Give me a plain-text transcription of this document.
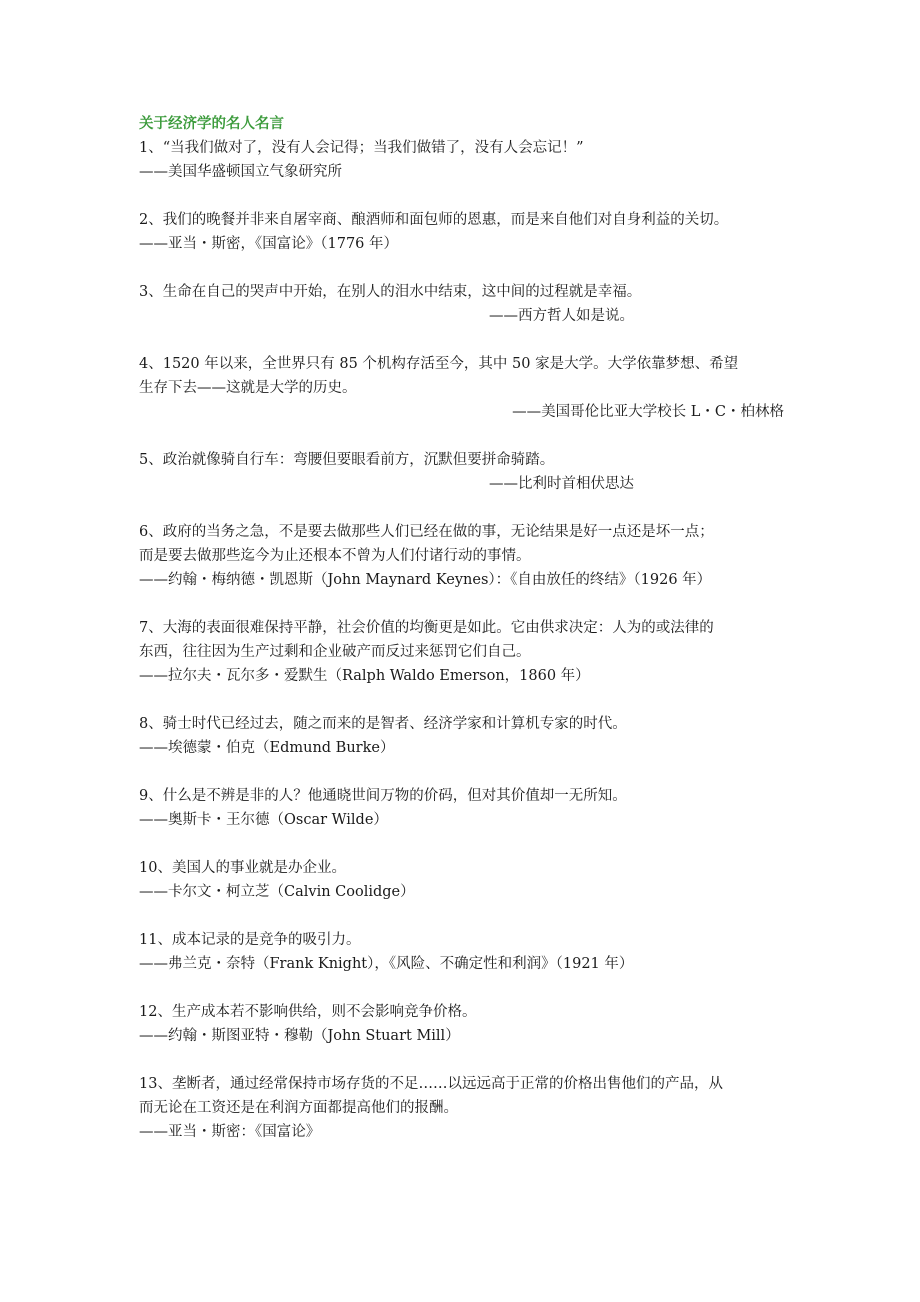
关于经济学的名人名言
1、“当我们做对了，没有人会记得；当我们做错了，没有人会忘记！”
——美国华盛顿国立气象研究所
2、我们的晚餐并非来自屠宰商、酿酒师和面包师的恩惠，而是来自他们对自身利益的关切。
——亚当・斯密，《国富论》（1776 年）
3、生命在自己的哭声中开始，在别人的泪水中结束，这中间的过程就是幸福。
——西方哲人如是说。
4、1520 年以来，全世界只有 85 个机构存活至今，其中 50 家是大学。大学依靠梦想、希望
生存下去——这就是大学的历史。
——美国哥伦比亚大学校长 L・C・柏林格
5、政治就像骑自行车：弯腰但要眼看前方，沉默但要拼命骑踏。
——比利时首相伏思达
6、政府的当务之急，不是要去做那些人们已经在做的事，无论结果是好一点还是坏一点；
而是要去做那些迄今为止还根本不曾为人们付诸行动的事情。
——约翰・梅纳德・凯恩斯（John Maynard Keynes）：《自由放任的终结》（1926 年）
7、大海的表面很难保持平静，社会价值的均衡更是如此。它由供求决定：人为的或法律的
东西，往往因为生产过剩和企业破产而反过来惩罚它们自己。
——拉尔夫・瓦尔多・爱默生（Ralph Waldo Emerson，1860 年）
8、骑士时代已经过去，随之而来的是智者、经济学家和计算机专家的时代。
——埃德蒙・伯克（Edmund Burke）
9、什么是不辨是非的人？他通晓世间万物的价码，但对其价值却一无所知。
——奥斯卡・王尔德（Oscar Wilde）
10、美国人的事业就是办企业。
——卡尔文・柯立芝（Calvin Coolidge）
11、成本记录的是竞争的吸引力。
——弗兰克・奈特（Frank Knight），《风险、不确定性和利润》（1921 年）
12、生产成本若不影响供给，则不会影响竞争价格。
——约翰・斯图亚特・穆勒（John Stuart Mill）
13、垄断者，通过经常保持市场存货的不足……以远远高于正常的价格出售他们的产品，从
而无论在工资还是在利润方面都提高他们的报酬。
——亚当・斯密：《国富论》
